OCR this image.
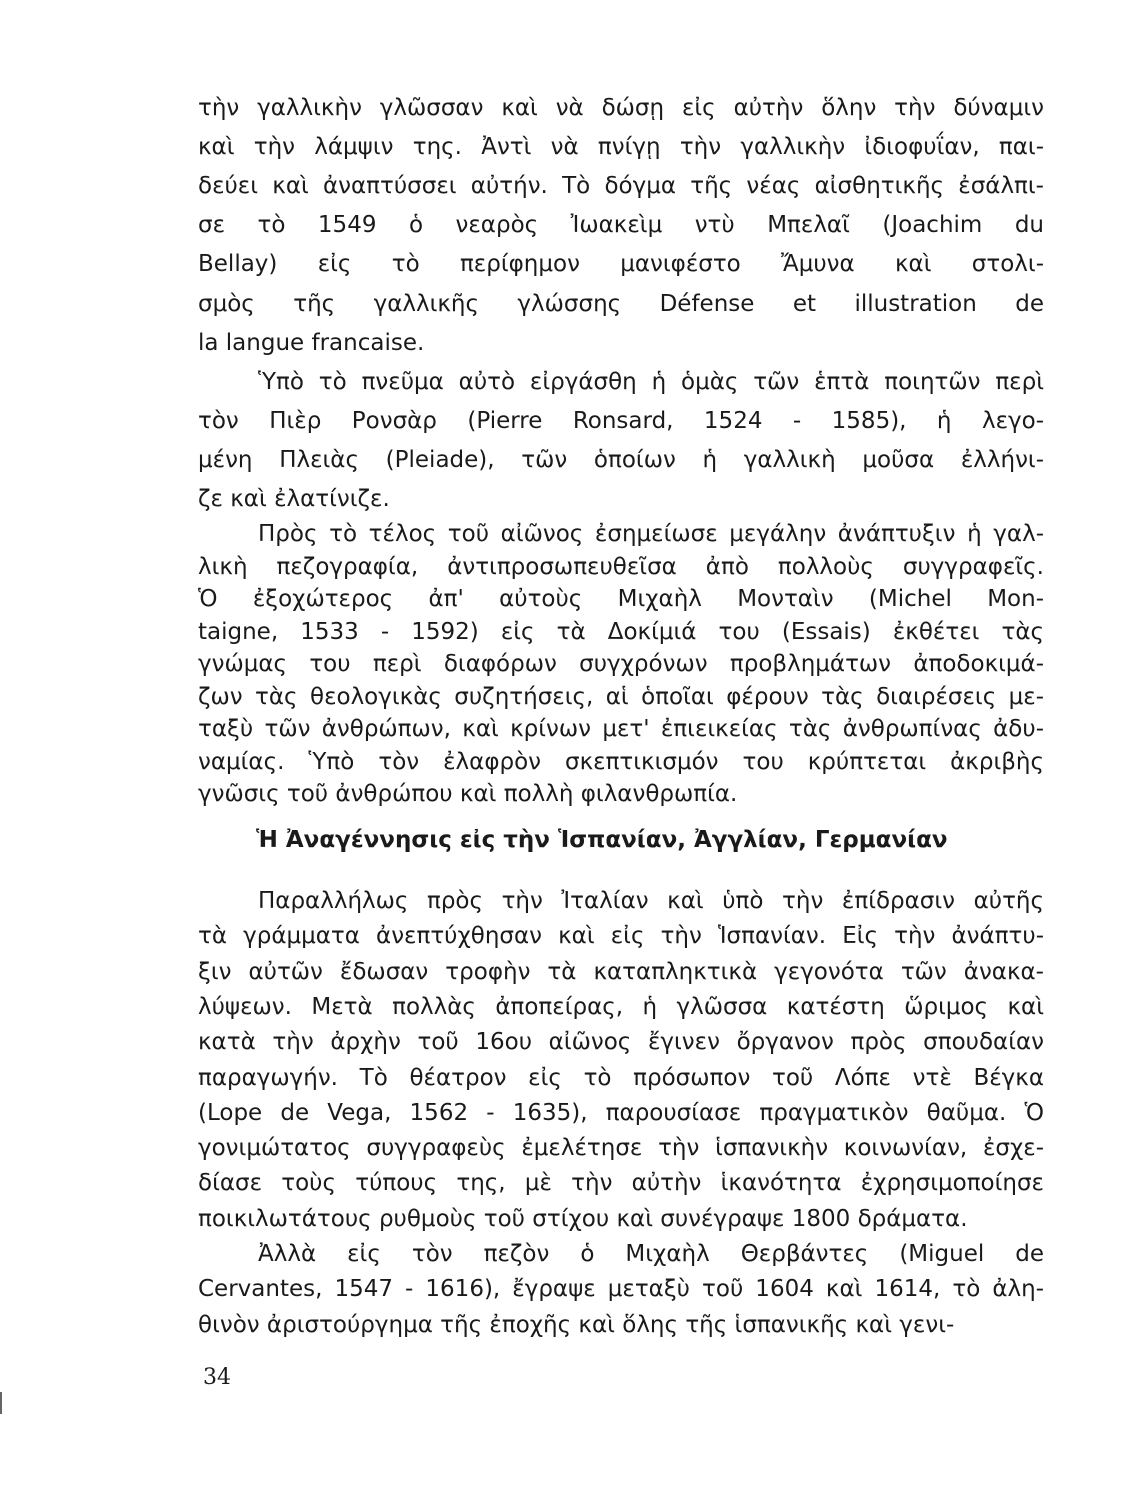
Ἡ Ἀναγέννησις εἰς τὴν Ἱσπανίαν, Ἀγγλίαν, Γερμανίαν
34
τὴν γαλλικὴν γλῶσσαν καὶ νὰ δώσῃ εἰς αὐτὴν ὅλην τὴν δύναμιν
καὶ τὴν λάμψιν της. Ἀντὶ νὰ πνίγῃ τὴν γαλλικὴν ἰδιοφυΐαν, παι-
δεύει καὶ ἀναπτύσσει αὐτήν. Τὸ δόγμα τῆς νέας αἰσθητικῆς ἐσάλπι-
σε τὸ 1549 ὁ νεαρὸς Ἰωακεὶμ ντὺ Μπελαῖ (Joachim du
Bellay) εἰς τὸ περίφημον μανιφέστο Ἄμυνα καὶ στολι-
σμὸς τῆς γαλλικῆς γλώσσης Défense et illustration de
la langue francaise.
Ὑπὸ τὸ πνεῦμα αὐτὸ εἰργάσθη ἡ ὁμὰς τῶν ἑπτὰ ποιητῶν περὶ
τὸν Πιὲρ Ρονσὰρ (Pierre Ronsard, 1524 - 1585), ἡ λεγο-
μένη Πλειὰς (Pleiade), τῶν ὁποίων ἡ γαλλικὴ μοῦσα ἐλλήνι-
ζε καὶ ἐλατίνιζε.
Πρὸς τὸ τέλος τοῦ αἰῶνος ἐσημείωσε μεγάλην ἀνάπτυξιν ἡ γαλ-
λικὴ πεζογραφία, ἀντιπροσωπευθεῖσα ἀπὸ πολλοὺς συγγραφεῖς.
Ὁ ἐξοχώτερος ἀπ' αὐτοὺς Μιχαὴλ Μονταὶν (Michel Mon-
taigne, 1533 - 1592) εἰς τὰ Δοκίμιά του (Essais) ἐκθέτει τὰς
γνώμας του περὶ διαφόρων συγχρόνων προβλημάτων ἀποδοκιμά-
ζων τὰς θεολογικὰς συζητήσεις, αἱ ὁποῖαι φέρουν τὰς διαιρέσεις με-
ταξὺ τῶν ἀνθρώπων, καὶ κρίνων μετ' ἐπιεικείας τὰς ἀνθρωπίνας ἀδυ-
ναμίας. Ὑπὸ τὸν ἐλαφρὸν σκεπτικισμόν του κρύπτεται ἀκριβὴς
γνῶσις τοῦ ἀνθρώπου καὶ πολλὴ φιλανθρωπία.
Παραλλήλως πρὸς τὴν Ἰταλίαν καὶ ὑπὸ τὴν ἐπίδρασιν αὐτῆς
τὰ γράμματα ἀνεπτύχθησαν καὶ εἰς τὴν Ἱσπανίαν. Εἰς τὴν ἀνάπτυ-
ξιν αὐτῶν ἔδωσαν τροφὴν τὰ καταπληκτικὰ γεγονότα τῶν ἀνακα-
λύψεων. Μετὰ πολλὰς ἀποπείρας, ἡ γλῶσσα κατέστη ὥριμος καὶ
κατὰ τὴν ἀρχὴν τοῦ 16ου αἰῶνος ἔγινεν ὄργανον πρὸς σπουδαίαν
παραγωγήν. Τὸ θέατρον εἰς τὸ πρόσωπον τοῦ Λόπε ντὲ Βέγκα
(Lope de Vega, 1562 - 1635), παρουσίασε πραγματικὸν θαῦμα. Ὁ
γονιμώτατος συγγραφεὺς ἐμελέτησε τὴν ἱσπανικὴν κοινωνίαν, ἐσχε-
δίασε τοὺς τύπους της, μὲ τὴν αὐτὴν ἱκανότητα ἐχρησιμοποίησε
ποικιλωτάτους ρυθμοὺς τοῦ στίχου καὶ συνέγραψε 1800 δράματα.
Ἀλλὰ εἰς τὸν πεζὸν ὁ Μιχαὴλ Θερβάντες (Miguel de
Cervantes, 1547 - 1616), ἔγραψε μεταξὺ τοῦ 1604 καὶ 1614, τὸ ἀλη-
θινὸν ἀριστούργημα τῆς ἐποχῆς καὶ ὅλης τῆς ἱσπανικῆς καὶ γενι-
